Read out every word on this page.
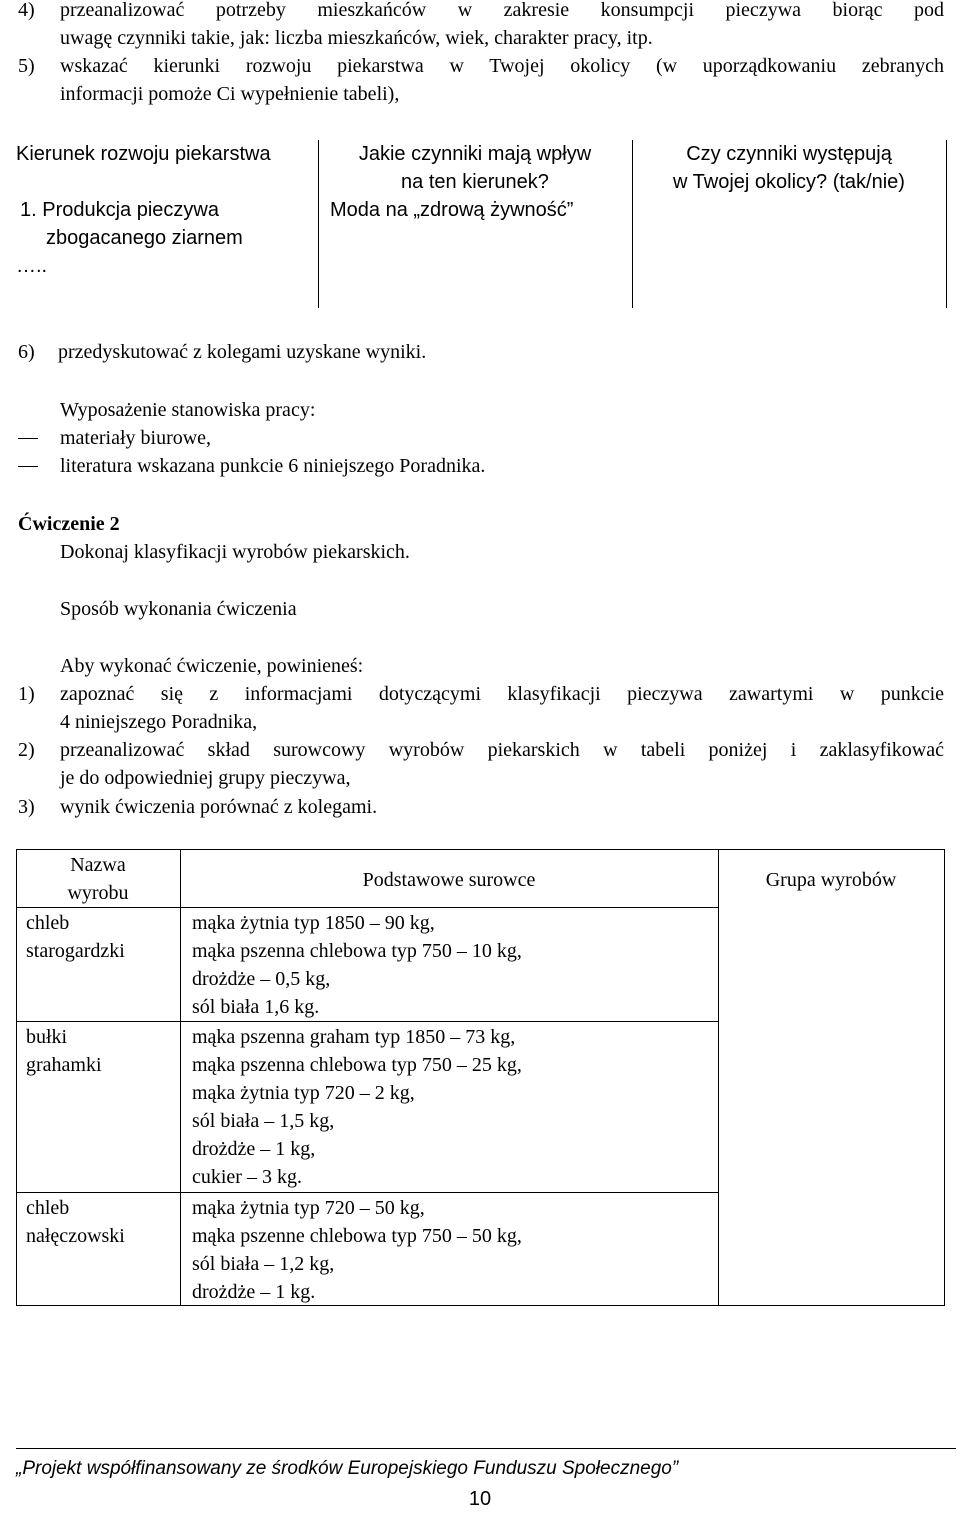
4) przeanalizować potrzeby mieszkańców w zakresie konsumpcji pieczywa biorąc pod
uwagę czynniki takie, jak: liczba mieszkańców, wiek, charakter pracy, itp.
5) wskazać kierunki rozwoju piekarstwa w Twojej okolicy (w uporządkowaniu zebranych
informacji pomoże Ci wypełnienie tabeli),
Kierunek rozwoju piekarstwa	Jakie czynniki mają wpływ
na ten kierunek?
Czy czynniki występują
w Twojej okolicy? (tak/nie)
1. Produkcja pieczywa
zbogacanego ziarnem
…..
Moda na „zdrową żywność”
6) przedyskutować z kolegami uzyskane wyniki.
Wyposażenie stanowiska pracy:
materiały biurowe,
literatura wskazana punkcie 6 niniejszego Poradnika.
Ćwiczenie 2
Dokonaj klasyfikacji wyrobów piekarskich.
Sposób wykonania ćwiczenia
Aby wykonać ćwiczenie, powinieneś:
1) zapoznać się z informacjami dotyczącymi klasyfikacji pieczywa zawartymi w punkcie
4 niniejszego Poradnika,
2) przeanalizować skład surowcowy wyrobów piekarskich w tabeli poniżej i zaklasyfikować
je do odpowiedniej grupy pieczywa,
3) wynik ćwiczenia porównać z kolegami.
Nazwa
wyrobu
Podstawowe surowce	Grupa wyrobów
chleb
starogardzki
mąka żytnia typ 1850 – 90 kg,
mąka pszenna chlebowa typ 750 – 10 kg,
drożdże – 0,5 kg,
sól biała 1,6 kg.
bułki
grahamki
mąka pszenna graham typ 1850 – 73 kg,
mąka pszenna chlebowa typ 750 – 25 kg,
mąka żytnia typ 720 – 2 kg,
sól biała – 1,5 kg,
drożdże – 1 kg,
cukier – 3 kg.
chleb
nałęczowski
mąka żytnia typ 720 – 50 kg,
mąka pszenne chlebowa typ 750 – 50 kg,
sól biała – 1,2 kg,
drożdże – 1 kg.
„Projekt współfinansowany ze środków Europejskiego Funduszu Społecznego”
10
